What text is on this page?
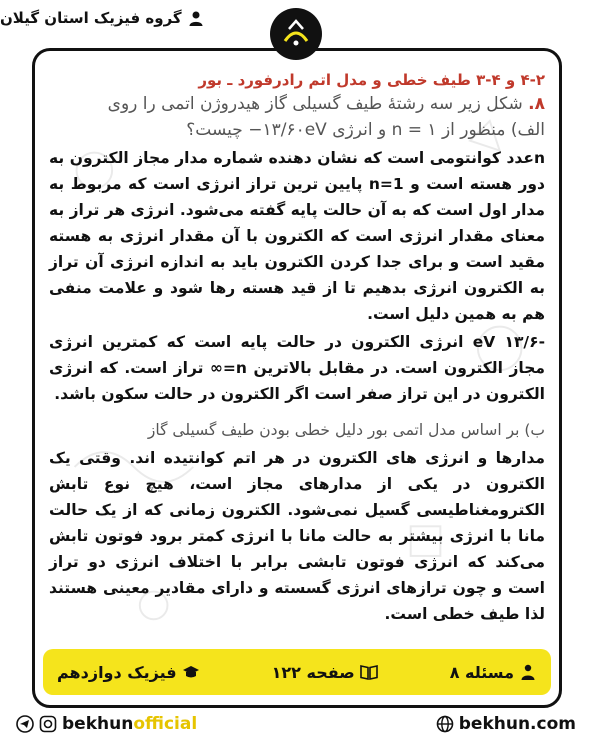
گروه فیزیک استان گیلان
۴-۲ و ۴-۳ طیف خطی و مدل اتم رادرفورد ـ بور
۸. شکل زیر سه رشتهٔ طیف گسیلی گاز هیدروژن اتمی را روی
الف) منظور از n = ۱ و انرژی ۱۳/۶۰eV− چیست؟
nعدد کوانتومی است که نشان دهنده شماره مدار مجاز الکترون به دور هسته است و n=1 پایین ترین تراز انرژی است که مربوط به مدار اول است که به آن حالت پایه گفته می‌شود. انرژی هر تراز به معنای مقدار انرژی است که الکترون با آن مقدار انرژی به هسته مقید است و برای جدا کردن الکترون باید به اندازه انرژی آن تراز به الکترون انرژی بدهیم تا از قید هسته رها شود و علامت منفی هم به همین دلیل است.
-۱۳/۶ eV انرژی الکترون در حالت پایه است که کمترین انرژی مجاز الکترون است. در مقابل بالاترین n=∞ تراز است. که انرژی الکترون در این تراز صفر است اگر الکترون در حالت سکون باشد.
ب) بر اساس مدل اتمی بور دلیل خطی بودن طیف گسیلی گاز
مدارها و انرژی های الکترون در هر اتم کوانتیده اند. وقتی یک الکترون در یکی از مدارهای مجاز است، هیچ نوع تابش الکترومغناطیسی گسیل نمی‌شود. الکترون زمانی که از یک حالت مانا با انرژی بیشتر به حالت مانا با انرژی کمتر برود فوتون تابش می‌کند که انرژی فوتون تابشی برابر با اختلاف انرژی دو تراز است و چون ترازهای انرژی گسسته و دارای مقادیر معینی هستند لذا طیف خطی است.
مسئله ۸
صفحه ۱۲۲
فیزیک دوازدهم
bekhun official	bekhun.com
